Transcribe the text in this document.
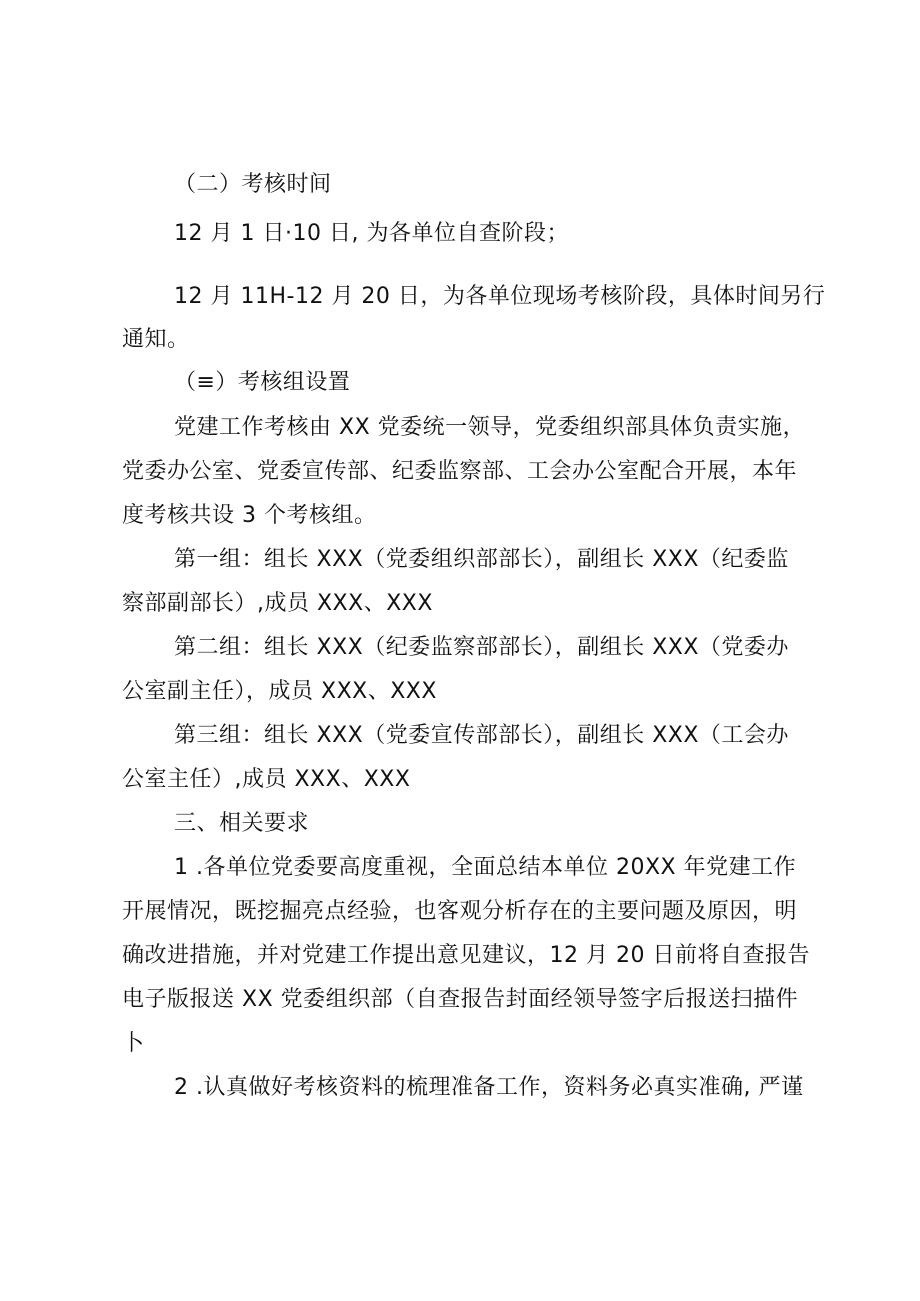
（二）考核时间
12 月 1 日·10 日, 为各单位自查阶段；
12 月 11H-12 月 20 日，为各单位现场考核阶段，具体时间另行
通知。
（≡）考核组设置
党建工作考核由 XX 党委统一领导，党委组织部具体负责实施，
党委办公室、党委宣传部、纪委监察部、工会办公室配合开展，本年
度考核共设 3 个考核组。
第一组：组长 XXX（党委组织部部长），副组长 XXX（纪委监
察部副部长）,成员 XXX、XXX
第二组：组长 XXX（纪委监察部部长），副组长 XXX（党委办
公室副主任），成员 XXX、XXX
第三组：组长 XXX（党委宣传部部长），副组长 XXX（工会办
公室主任）,成员 XXX、XXX
三、相关要求
1 .各单位党委要高度重视，全面总结本单位 20XX 年党建工作
开展情况，既挖掘亮点经验，也客观分析存在的主要问题及原因，明
确改进措施，并对党建工作提出意见建议，12 月 20 日前将自查报告
电子版报送 XX 党委组织部（自查报告封面经领导签字后报送扫描件
卜
2 .认真做好考核资料的梳理准备工作，资料务必真实准确, 严谨
